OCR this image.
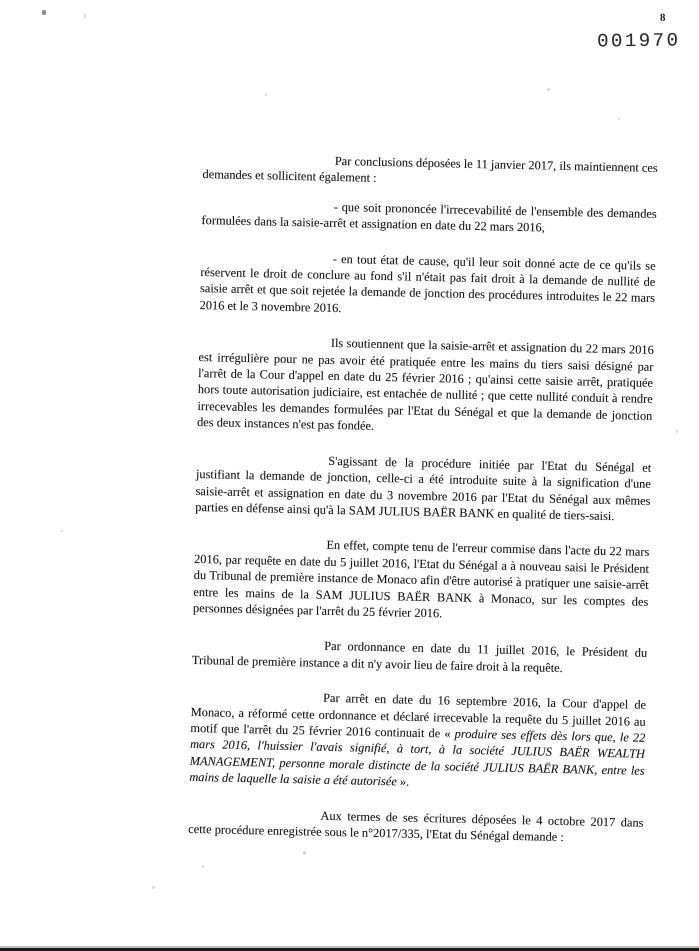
8
001970

Par conclusions déposées le 11 janvier 2017, ils maintiennent ces demandes et sollicitent également :

- que soit prononcée l'irrecevabilité de l'ensemble des demandes formulées dans la saisie-arrêt et assignation en date du 22 mars 2016,

- en tout état de cause, qu'il leur soit donné acte de ce qu'ils se réservent le droit de conclure au fond s'il n'était pas fait droit à la demande de nullité de saisie arrêt et que soit rejetée la demande de jonction des procédures introduites le 22 mars 2016 et le 3 novembre 2016.

Ils soutiennent que la saisie-arrêt et assignation du 22 mars 2016 est irrégulière pour ne pas avoir été pratiquée entre les mains du tiers saisi désigné par l'arrêt de la Cour d'appel en date du 25 février 2016 ; qu'ainsi cette saisie arrêt, pratiquée hors toute autorisation judiciaire, est entachée de nullité ; que cette nullité conduit à rendre irrecevables les demandes formulées par l'Etat du Sénégal et que la demande de jonction des deux instances n'est pas fondée.

S'agissant de la procédure initiée par l'Etat du Sénégal et justifiant la demande de jonction, celle-ci a été introduite suite à la signification d'une saisie-arrêt et assignation en date du 3 novembre 2016 par l'Etat du Sénégal aux mêmes parties en défense ainsi qu'à la SAM JULIUS BAËR BANK en qualité de tiers-saisi.

En effet, compte tenu de l'erreur commise dans l'acte du 22 mars 2016, par requête en date du 5 juillet 2016, l'Etat du Sénégal a à nouveau saisi le Président du Tribunal de première instance de Monaco afin d'être autorisé à pratiquer une saisie-arrêt entre les mains de la SAM JULIUS BAËR BANK à Monaco, sur les comptes des personnes désignées par l'arrêt du 25 février 2016.

Par ordonnance en date du 11 juillet 2016, le Président du Tribunal de première instance a dit n'y avoir lieu de faire droit à la requête.

Par arrêt en date du 16 septembre 2016, la Cour d'appel de Monaco, a réformé cette ordonnance et déclaré irrecevable la requête du 5 juillet 2016 au motif que l'arrêt du 25 février 2016 continuait de « produire ses effets dès lors que, le 22 mars 2016, l'huissier l'avais signifié, à tort, à la société JULIUS BAËR WEALTH MANAGEMENT, personne morale distincte de la société JULIUS BAËR BANK, entre les mains de laquelle la saisie a été autorisée ».

Aux termes de ses écritures déposées le 4 octobre 2017 dans cette procédure enregistrée sous le n°2017/335, l'Etat du Sénégal demande :
